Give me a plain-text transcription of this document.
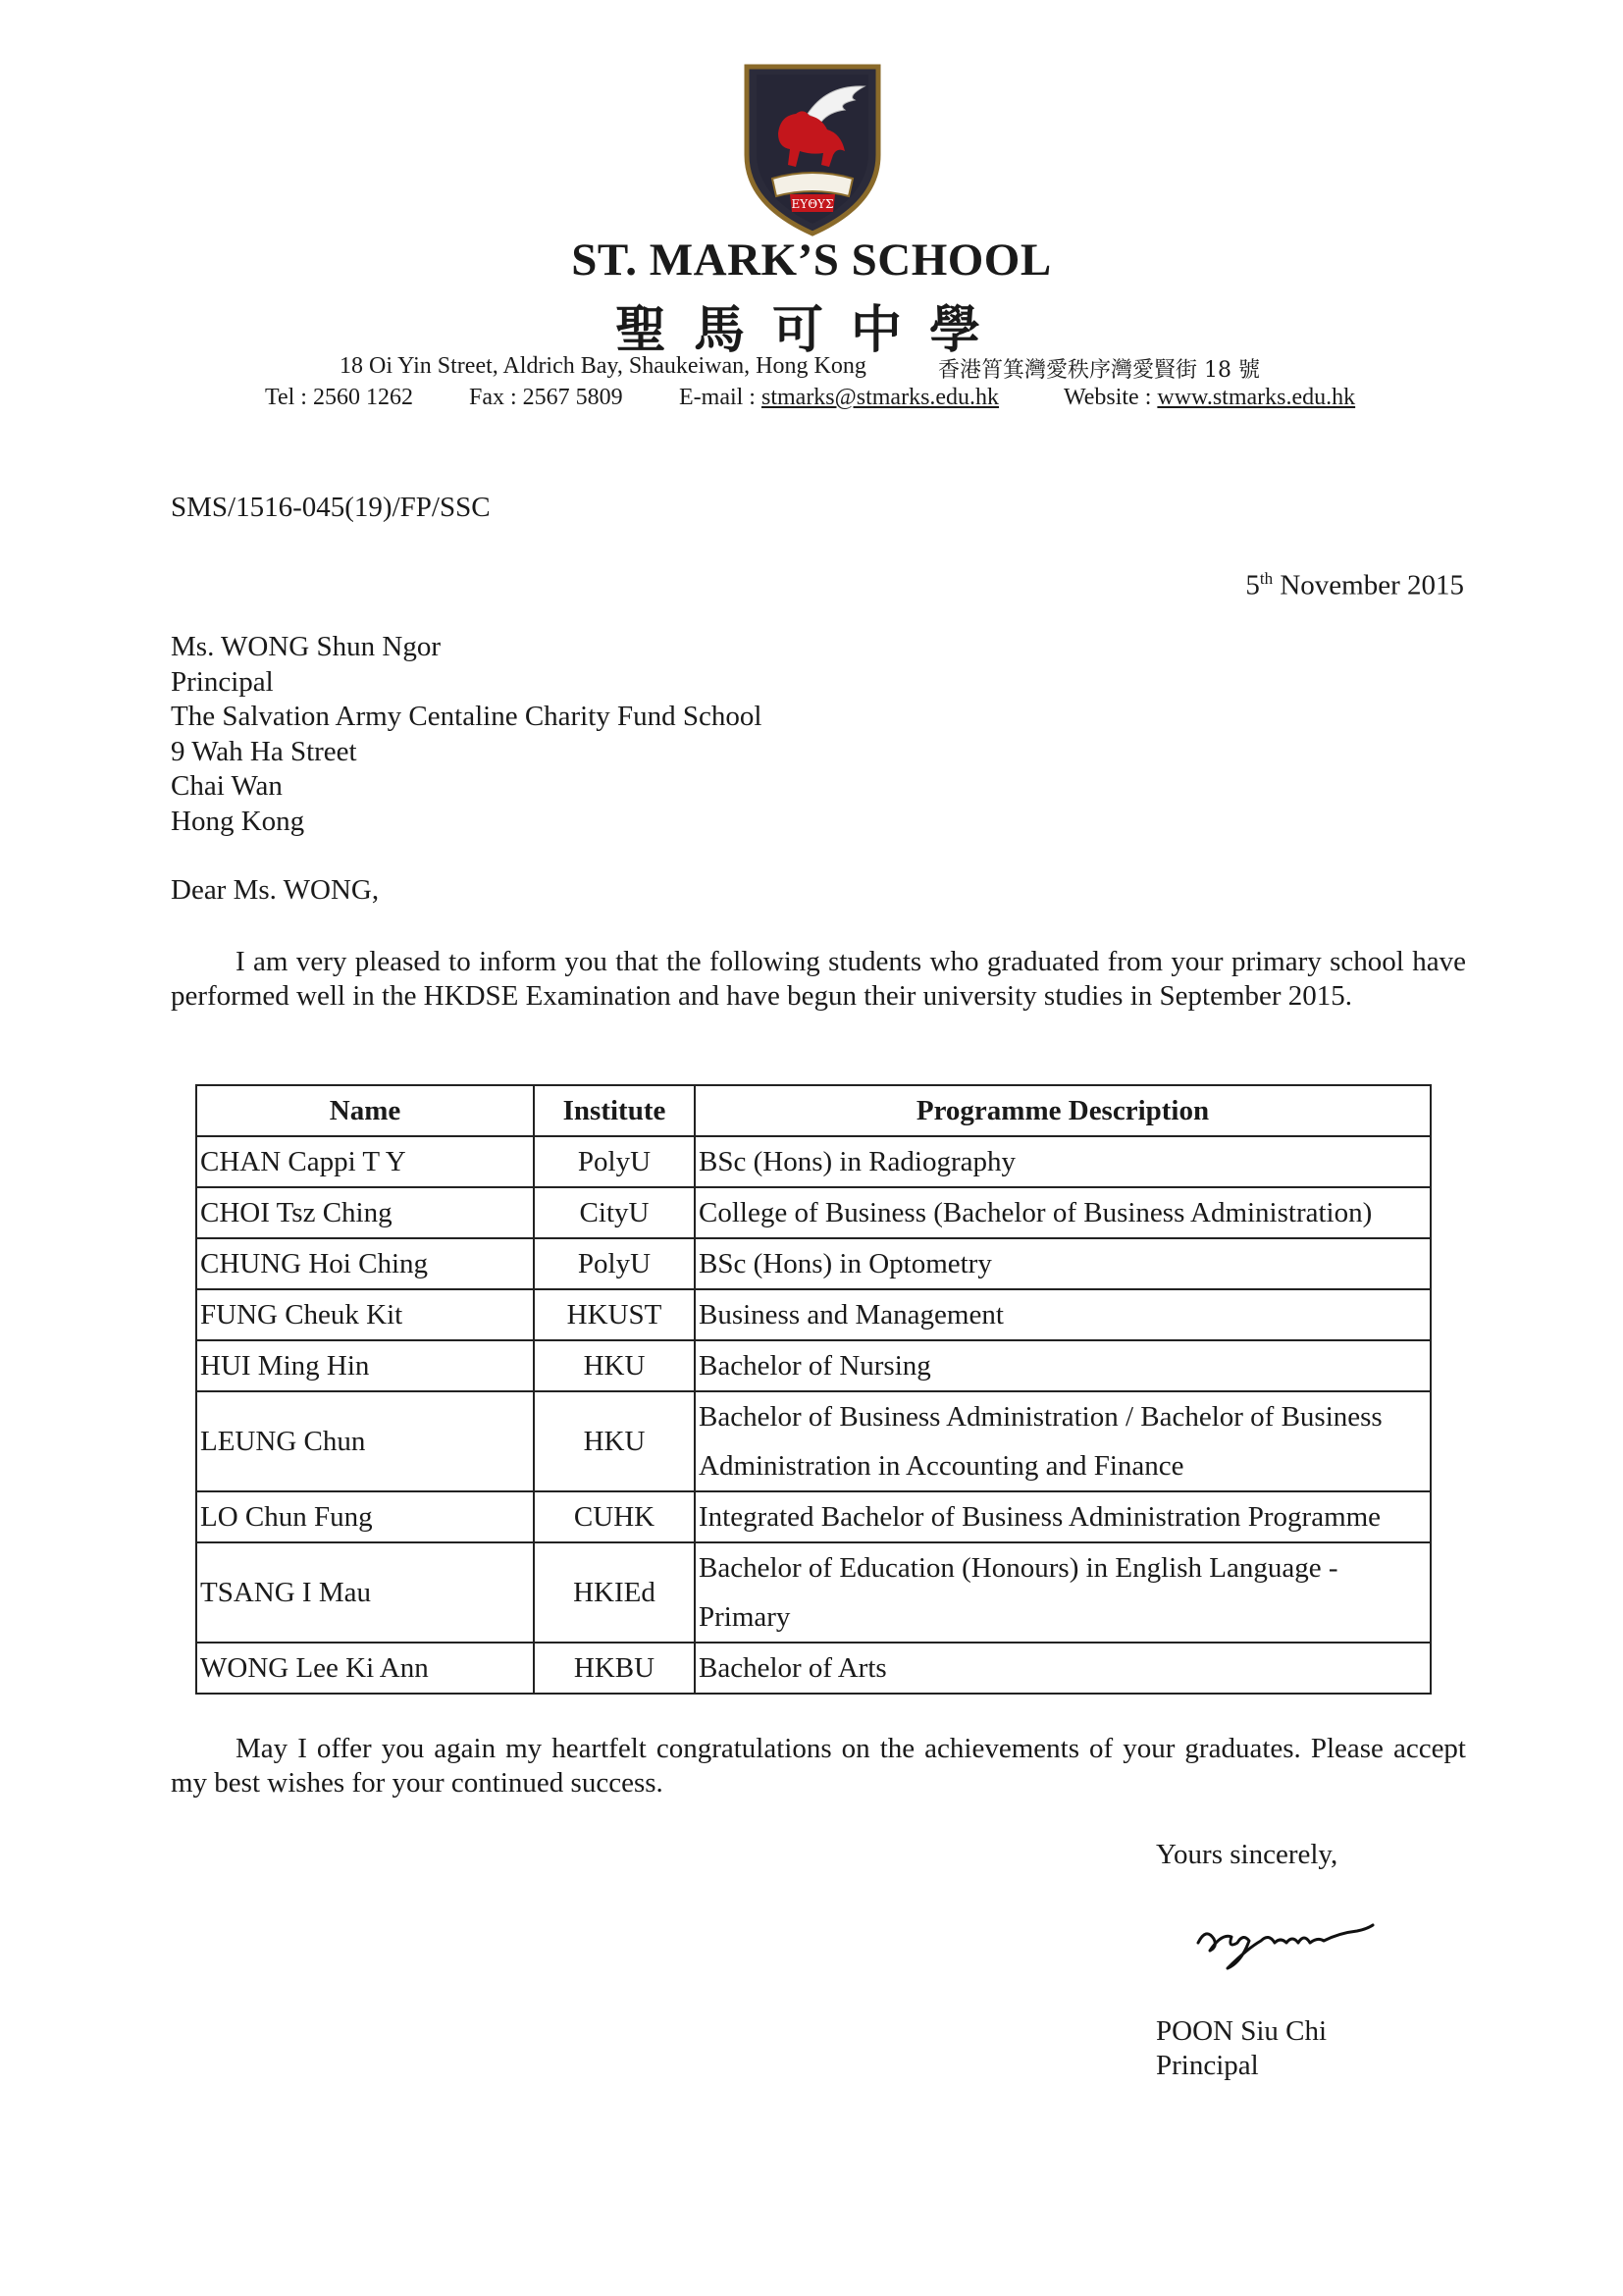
ΕΥΘΥΣ
ST. MARK’S SCHOOL
聖馬可中學
18 Oi Yin Street, Aldrich Bay, Shaukeiwan, Hong Kong	香港筲箕灣愛秩序灣愛賢街 18 號
Tel : 2560 1262 Fax : 2567 5809 E-mail : stmarks@stmarks.edu.hk	Website : www.stmarks.edu.hk
SMS/1516-045(19)/FP/SSC
5th November 2015
Ms. WONG Shun Ngor
Principal
The Salvation Army Centaline Charity Fund School
9 Wah Ha Street
Chai Wan
Hong Kong
Dear Ms. WONG,
I am very pleased to inform you that the following students who graduated from your primary school have performed well in the HKDSE Examination and have begun their university studies in September 2015.
Name	Institute	Programme Description
CHAN Cappi T Y	PolyU	BSc (Hons) in Radiography
CHOI Tsz Ching	CityU	College of Business (Bachelor of Business Administration)
CHUNG Hoi Ching	PolyU	BSc (Hons) in Optometry
FUNG Cheuk Kit	HKUST	Business and Management
HUI Ming Hin	HKU	Bachelor of Nursing
LEUNG Chun	HKU	Bachelor of Business Administration / Bachelor of Business Administration in Accounting and Finance
LO Chun Fung	CUHK	Integrated Bachelor of Business Administration Programme
TSANG I Mau	HKIEd	Bachelor of Education (Honours) in English Language - Primary
WONG Lee Ki Ann	HKBU	Bachelor of Arts
May I offer you again my heartfelt congratulations on the achievements of your graduates. Please accept my best wishes for your continued success.
Yours sincerely,
POON Siu Chi
Principal
